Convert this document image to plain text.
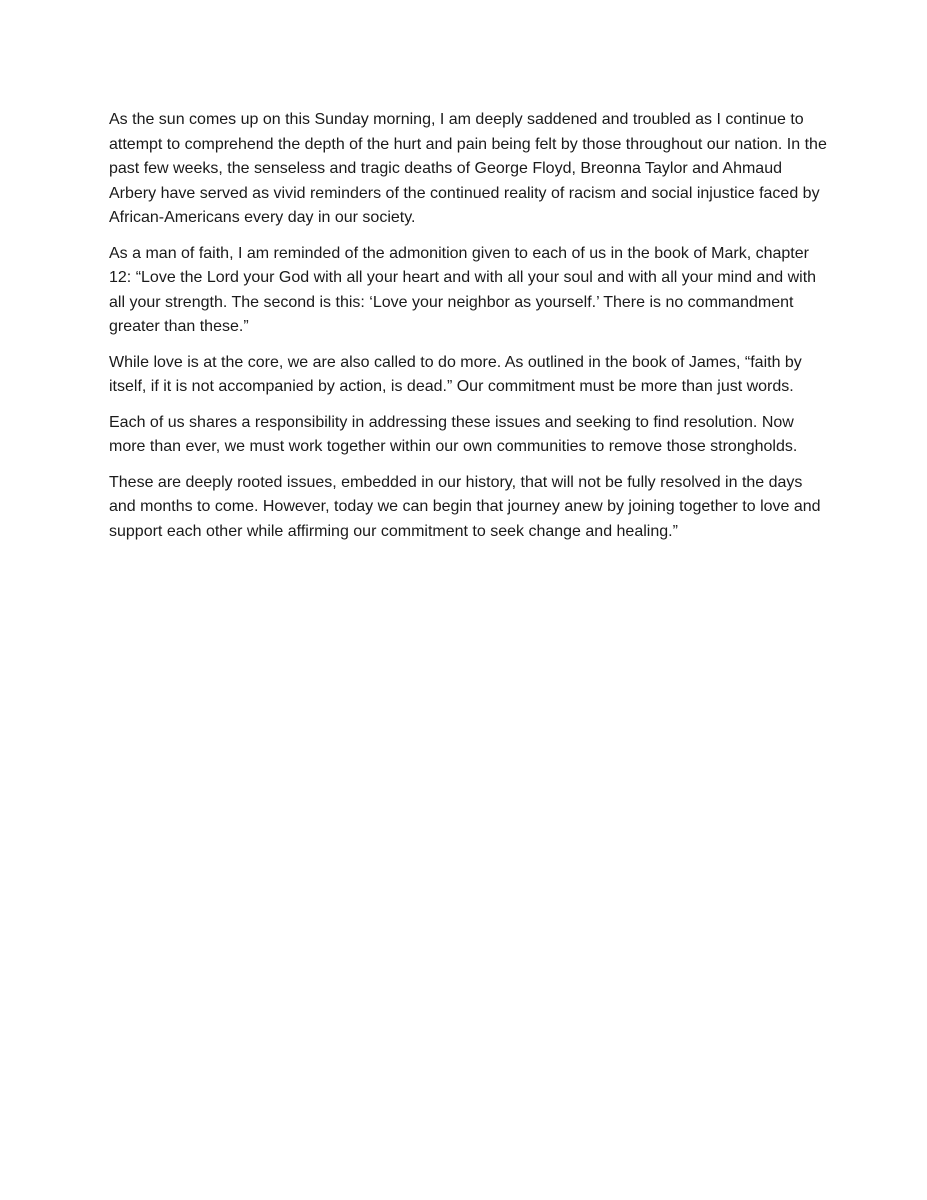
As the sun comes up on this Sunday morning, I am deeply saddened and troubled as I continue to attempt to comprehend the depth of the hurt and pain being felt by those throughout our nation. In the past few weeks, the senseless and tragic deaths of George Floyd, Breonna Taylor and Ahmaud Arbery have served as vivid reminders of the continued reality of racism and social injustice faced by African-Americans every day in our society.

As a man of faith, I am reminded of the admonition given to each of us in the book of Mark, chapter 12: “Love the Lord your God with all your heart and with all your soul and with all your mind and with all your strength. The second is this: ‘Love your neighbor as yourself.’ There is no commandment greater than these.”

While love is at the core, we are also called to do more. As outlined in the book of James, “faith by itself, if it is not accompanied by action, is dead.” Our commitment must be more than just words.

Each of us shares a responsibility in addressing these issues and seeking to find resolution. Now more than ever, we must work together within our own communities to remove those strongholds.

These are deeply rooted issues, embedded in our history, that will not be fully resolved in the days and months to come. However, today we can begin that journey anew by joining together to love and support each other while affirming our commitment to seek change and healing.”
